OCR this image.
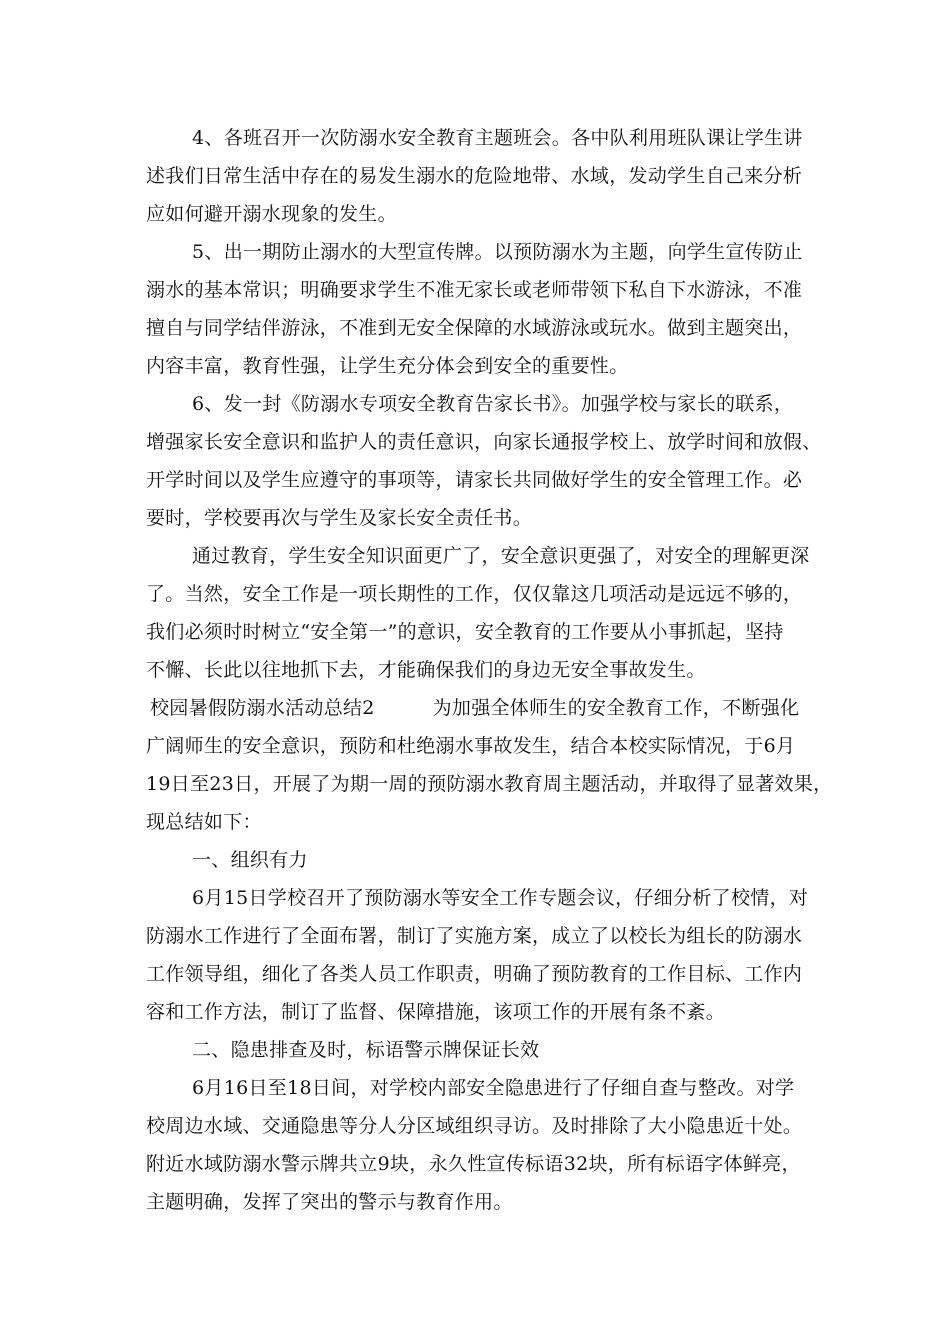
4、各班召开一次防溺水安全教育主题班会。各中队利用班队课让学生讲
述我们日常生活中存在的易发生溺水的危险地带、水域，发动学生自己来分析
应如何避开溺水现象的发生。
5、出一期防止溺水的大型宣传牌。以预防溺水为主题，向学生宣传防止
溺水的基本常识；明确要求学生不准无家长或老师带领下私自下水游泳，不准
擅自与同学结伴游泳，不准到无安全保障的水域游泳或玩水。做到主题突出，
内容丰富，教育性强，让学生充分体会到安全的重要性。
6、发一封《防溺水专项安全教育告家长书》。加强学校与家长的联系，
增强家长安全意识和监护人的责任意识，向家长通报学校上、放学时间和放假、
开学时间以及学生应遵守的事项等，请家长共同做好学生的安全管理工作。必
要时，学校要再次与学生及家长安全责任书。
通过教育，学生安全知识面更广了，安全意识更强了，对安全的理解更深
了。当然，安全工作是一项长期性的工作，仅仅靠这几项活动是远远不够的，
我们必须时时树立“安全第一”的意识，安全教育的工作要从小事抓起，坚持
不懈、长此以往地抓下去，才能确保我们的身边无安全事故发生。
校园暑假防溺水活动总结2　　　为加强全体师生的安全教育工作，不断强化
广阔师生的安全意识，预防和杜绝溺水事故发生，结合本校实际情况，于6月
19日至23日，开展了为期一周的预防溺水教育周主题活动，并取得了显著效果，
现总结如下：
一、组织有力
6月15日学校召开了预防溺水等安全工作专题会议，仔细分析了校情，对
防溺水工作进行了全面布署，制订了实施方案，成立了以校长为组长的防溺水
工作领导组，细化了各类人员工作职责，明确了预防教育的工作目标、工作内
容和工作方法，制订了监督、保障措施，该项工作的开展有条不紊。
二、隐患排查及时，标语警示牌保证长效
6月16日至18日间，对学校内部安全隐患进行了仔细自查与整改。对学
校周边水域、交通隐患等分人分区域组织寻访。及时排除了大小隐患近十处。
附近水域防溺水警示牌共立9块，永久性宣传标语32块，所有标语字体鲜亮，
主题明确，发挥了突出的警示与教育作用。
